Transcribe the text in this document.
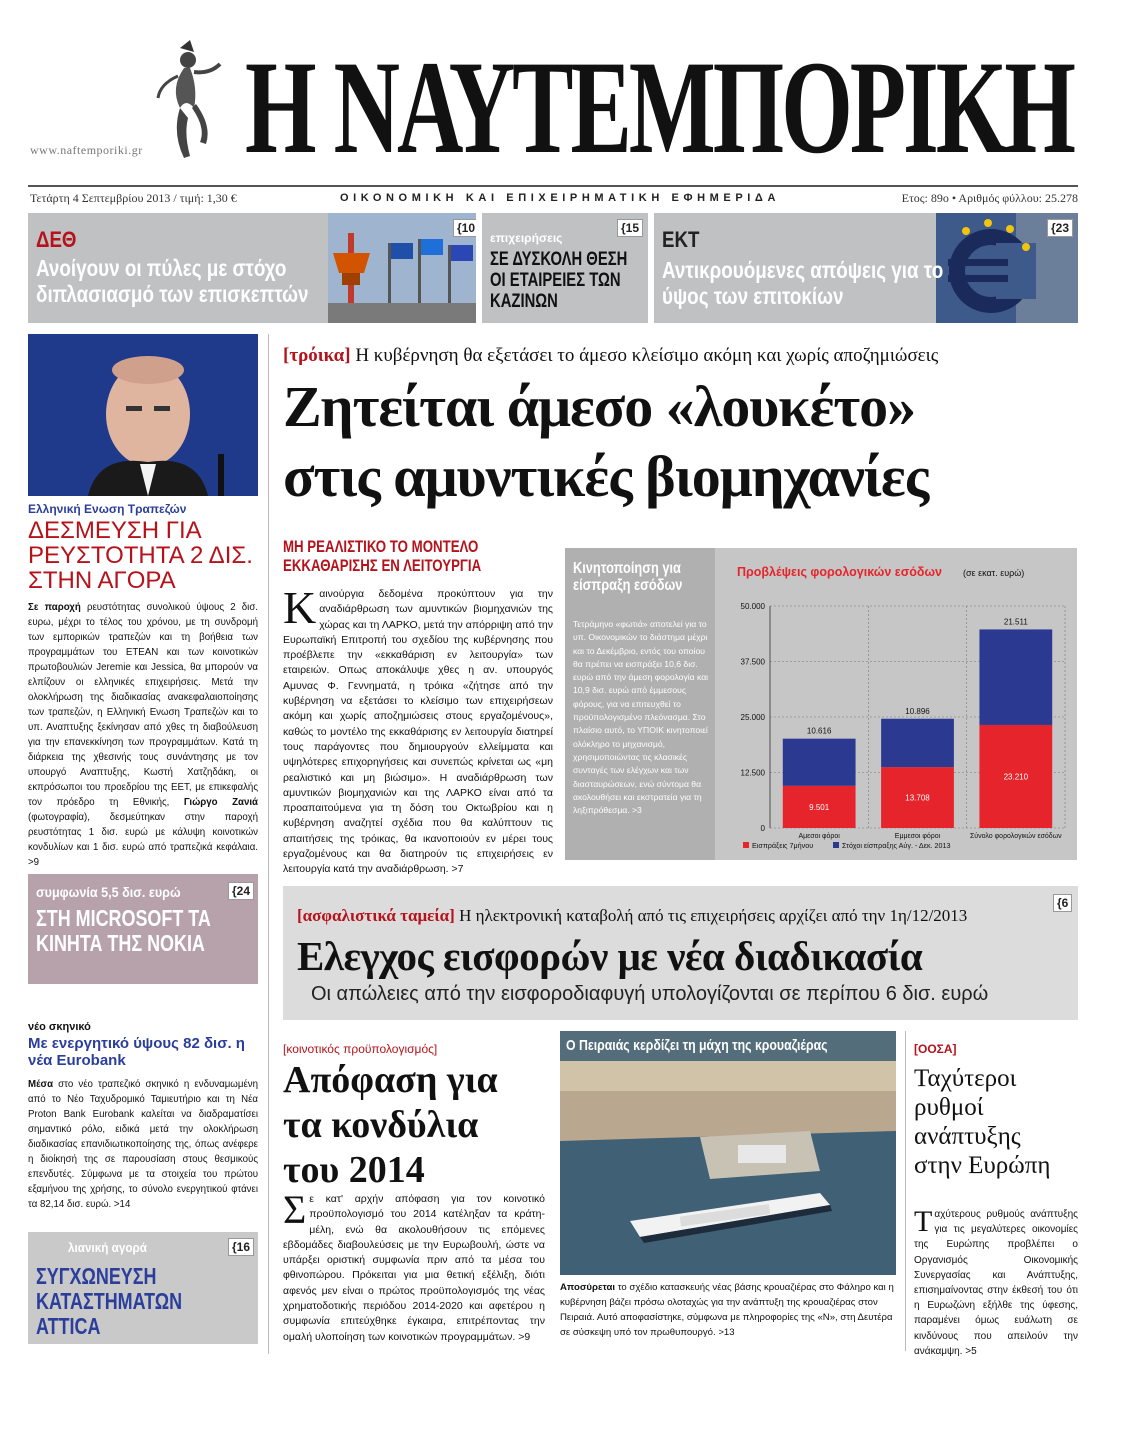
Η ΝΑΥΤΕΜΠΟΡΙΚΗ
www.naftemporiki.gr
Τετάρτη 4 Σεπτεμβρίου 2013 / τιμή: 1,30 €	ΟΙΚΟΝΟΜΙΚΗ ΚΑΙ ΕΠΙΧΕΙΡΗΜΑΤΙΚΗ ΕΦΗΜΕΡΙΔΑ	Ετος: 89ο • Αριθμός φύλλου: 25.278
{10
ΔΕΘ
Ανοίγουν οι πύλες με στόχο διπλασιασμό των επισκεπτών
{15
επιχειρήσεις
ΣΕ ΔΥΣΚΟΛΗ ΘΕΣΗ ΟΙ ΕΤΑΙΡΕΙΕΣ ΤΩΝ ΚΑΖΙΝΩΝ
{23
ΕΚΤ
Αντικρουόμενες απόψεις για το ύψος των επιτοκίων
Ελληνική Ενωση Τραπεζών
ΔΕΣΜΕΥΣΗ ΓΙΑ ΡΕΥΣΤΟΤΗΤΑ 2 ΔΙΣ. ΣΤΗΝ ΑΓΟΡΑ

Σε παροχή ρευστότητας συνολικού ύψους 2 δισ. ευρω, μέχρι το τέλος του χρόνου, με τη συνδρομή των εμπορικών τραπεζών και τη βοήθεια των προγραμμάτων του ΕΤΕΑΝ και των κοινοτικών πρωτοβουλιών Jeremie και Jessica, θα μπορούν να ελπίζουν οι ελληνικές επιχειρήσεις. Μετά την ολοκλήρωση της διαδικασίας ανακεφαλαιοποίησης των τραπεζών, η Ελληνική Ενωση Τραπεζών και το υπ. Αναπτυξης ξεκίνησαν από χθες τη διαβούλευση για την επανεκκίνηση των προγραμμάτων. Κατά τη διάρκεια της χθεσινής τους συνάντησης με τον υπουργό Αναπτυξης, Κωστή Χατζηδάκη, οι εκπρόσωποι του προεδρίου της ΕΕΤ, με επικεφαλής τον πρόεδρο τη Εθνικής, Γιώργο Ζανιά (φωτογραφία), δεσμεύτηκαν στην παροχή ρευστότητας 1 δισ. ευρώ με κάλυψη κοινοτικών κονδυλίων και 1 δισ. ευρώ από τραπεζικά κεφάλαια. >9

{24
συμφωνία 5,5 δισ. ευρώ
ΣΤΗ MICROSOFT ΤΑ ΚΙΝΗΤΑ ΤΗΣ NOKIA
νέο σκηνικό
Με ενεργητικό ύψους 82 δισ. η νέα Eurobank

Μέσα στο νέο τραπεζικό σκηνικό η ενδυναμωμένη από το Νέο Ταχυδρομικό Ταμιευτήριο και τη Νέα Proton Bank Eurobank καλείται να διαδραματίσει σημαντικό ρόλο, ειδικά μετά την ολοκλήρωση διαδικασίας επανιδιωτικοποίησης της, όπως ανέφερε η διοίκησή της σε παρουσίαση στους θεσμικούς επενδυτές. Σύμφωνα με τα στοιχεία του πρώτου εξαμήνου της χρήσης, το σύνολο ενεργητικού φτάνει τα 82,14 δισ. ευρώ. >14

{16
λιανική αγορά
ΣΥΓΧΩΝΕΥΣΗ ΚΑΤΑΣΤΗΜΑΤΩΝ ATTICA
[τρόικα] Η κυβέρνηση θα εξετάσει το άμεσο κλείσιμο ακόμη και χωρίς αποζημιώσεις
Ζητείται άμεσο «λουκέτο»
στις αμυντικές βιομηχανίες
ΜΗ ΡΕΑΛΙΣΤΙΚΟ ΤΟ ΜΟΝΤΕΛΟ ΕΚΚΑΘΑΡΙΣΗΣ ΕΝ ΛΕΙΤΟΥΡΓΙΑ

Κ αινούργια δεδομένα προκύπτουν για την αναδιάρθρωση των αμυντικών βιομηχανιών της χώρας και τη ΛΑΡΚΟ, μετά την απόρριψη από την Ευρωπαϊκή Επιτροπή του σχεδίου της κυβέρνησης που προέβλεπε την «εκκαθάριση εν λειτουργία» των εταιρειών. Οπως αποκάλυψε χθες η αν. υπουργός Αμυνας Φ. Γεννηματά, η τρόικα «ζήτησε από την κυβέρνηση να εξετάσει το κλείσιμο των επιχειρήσεων ακόμη και χωρίς αποζημιώσεις στους εργαζομένους», καθώς το μοντέλο της εκκαθάρισης εν λειτουργία διατηρεί τους παράγοντες που δημιουργούν ελλείμματα και υψηλότερες επιχορηγήσεις και συνεπώς κρίνεται ως «μη ρεαλιστικό και μη βιώσιμο». Η αναδιάρθρωση των αμυντικών βιομηχανιών και της ΛΑΡΚΟ είναι από τα προαπαιτούμενα για τη δόση του Οκτωβρίου και η κυβέρνηση αναζητεί σχέδια που θα καλύπτουν τις απαιτήσεις της τρόικας, θα ικανοποιούν εν μέρει τους εργαζομένους και θα διατηρούν τις επιχειρήσεις εν λειτουργία κατά την αναδιάρθρωση. >7

Κινητοποίηση για είσπραξη εσόδων

Τετράμηνο «φωτιά» αποτελεί για το υπ. Οικονομικών το διάστημα μέχρι και το Δεκέμβριο, εντός του οποίου θα πρέπει να εισπράξει 10,6 δισ. ευρώ από την άμεση φορολογία και 10,9 δισ. ευρώ από έμμεσους φόρους, για να επιτευχθεί το προϋπολογισμένο πλεόνασμα. Στο πλαίσιο αυτό, το ΥΠΟΙΚ κινητοποιεί ολόκληρο το μηχανισμό, χρησιμοποιώντας τις κλασικές συνταγές των ελέγχων και των διασταυρώσεων, ενώ σύντομα θα ακολουθήσει και εκστρατεία για τη ληξιπρόθεσμα. >3

Προβλέψεις φορολογικών εσόδων (σε εκατ. ευρώ)
0
12.500
25.000
37.500
50.000
9.501
10.616
Αμεσοι φόροι
13.708
10.896
Εμμεσοι φόροι
23.210
21.511
Σύνολο φορολογικών εσόδων
Εισπράξεις 7μήνου	Στόχοι είσπραξης Αύγ. - Δεκ. 2013
{6
[ασφαλιστικά ταμεία] Η ηλεκτρονική καταβολή από τις επιχειρήσεις αρχίζει από την 1η/12/2013
Ελεγχος εισφορών με νέα διαδικασία
Οι απώλειες από την εισφοροδιαφυγή υπολογίζονται σε περίπου 6 δισ. ευρώ
[κοινοτικός προϋπολογισμός]
Απόφαση για τα κονδύλια του 2014

Σ ε κατ' αρχήν απόφαση για τον κοινοτικό προϋπολογισμό του 2014 κατέληξαν τα κράτη-μέλη, ενώ θα ακολουθήσουν τις επόμενες εβδομάδες διαβουλεύσεις με την Ευρωβουλή, ώστε να υπάρξει οριστική συμφωνία πριν από τα μέσα του φθινοπώρου. Πρόκειται για μια θετική εξέλιξη, διότι αφενός μεν είναι ο πρώτος προϋπολογισμός της νέας χρηματοδοτικής περιόδου 2014-2020 και αφετέρου η συμφωνία επιτεύχθηκε έγκαιρα, επιτρέποντας την ομαλή υλοποίηση των κοινοτικών προγραμμάτων. >9

Ο Πειραιάς κερδίζει τη μάχη της κρουαζιέρας

Αποσύρεται το σχέδιο κατασκευής νέας βάσης κρουαζιέρας στο Φάληρο και η κυβέρνηση βάζει πρόσω ολοταχώς για την ανάπτυξη της κρουαζιέρας στον Πειραιά. Αυτό αποφασίστηκε, σύμφωνα με πληροφορίες της «Ν», στη Δευτέρα σε σύσκεψη υπό τον πρωθυπουργό. >13

[ΟΟΣΑ]
Ταχύτεροι ρυθμοί ανάπτυξης στην Ευρώπη

Τ αχύτερους ρυθμούς ανάπτυξης για τις μεγαλύτερες οικονομίες της Ευρώπης προβλέπει ο Οργανισμός Οικονομικής Συνεργασίας και Ανάπτυξης, επισημαίνοντας στην έκθεσή του ότι η Ευρωζώνη εξήλθε της ύφεσης, παραμένει όμως ευάλωτη σε κινδύνους που απειλούν την ανάκαμψη. >5
